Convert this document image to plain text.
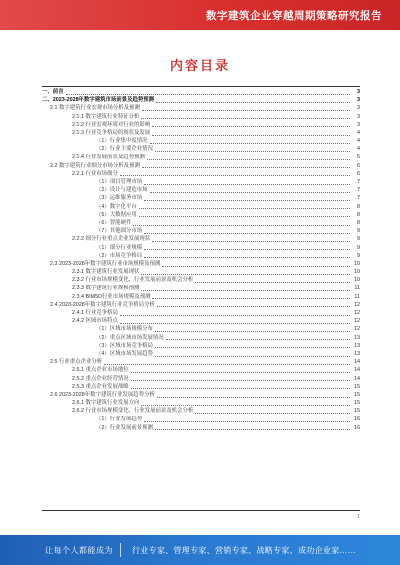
数字建筑企业穿越周期策略研究报告
内容目录
一、前言	3
二、2023-2028年数字建筑市场前景及趋势预测	3
2.1 数字建筑行业宏观市场分析及预测	3
2.1.1 数字建筑行业特征分析	3
2.1.2 行业宏观环境对行业的影响	3
2.1.3 行业竞争格局的现状及发展	4
（1）行业集中度情况	4
（2）行业主要企业情况	4
2.1.4 行业发展前景及趋势预测	5
2.2 数字建筑行业细分市场分析及预测	6
2.2.1 行业市场细分	6
（1）项目管理市场	7
（2）设计与建造市场	7
（3）运维服务市场	7
（4）数字化平台	8
（5）大数据应用	8
（6）智能硬件	8
（7）其他细分市场	9
2.2.2 细分行业重点企业发展现状	9
（1）细分行业规模	9
（2）市场竞争格局	9
2.3 2023-2028年数字建筑行业市场规模及预测	10
2.3.1 数字建筑行业发展现状	10
2.3.2 行业市场规模变化、行业发展前景及机会分析	10
2.3.3 数字建筑行业规模预测	11
2.3.4 BIM5D行业市场规模及预测	11
2.4 2023-2028年数字建筑行业竞争格局分析	12
2.4.1 行业竞争格局	12
2.4.2 区域市场特点	12
（1）区域市场规模分布	12
（2）重点区域市场发展情况	13
（3）区域市场竞争格局	13
（4）区域市场发展趋势	13
2.5 行业重点企业分析	14
2.5.1 重点企业市场地位	14
2.5.2 重点企业经营情况	14
2.5.3 重点企业发展战略	15
2.6 2023-2028年数字建筑行业发展趋势分析	15
2.6.1 数字建筑行业发展方向	15
2.6.2 行业市场规模变化、行业发展前景及机会分析	15
（1）行业发展趋势	16
（2）行业发展前景预测	16
1
让每个人都能成为 行业专家、管理专家、营销专家、战略专家、成功企业家……
